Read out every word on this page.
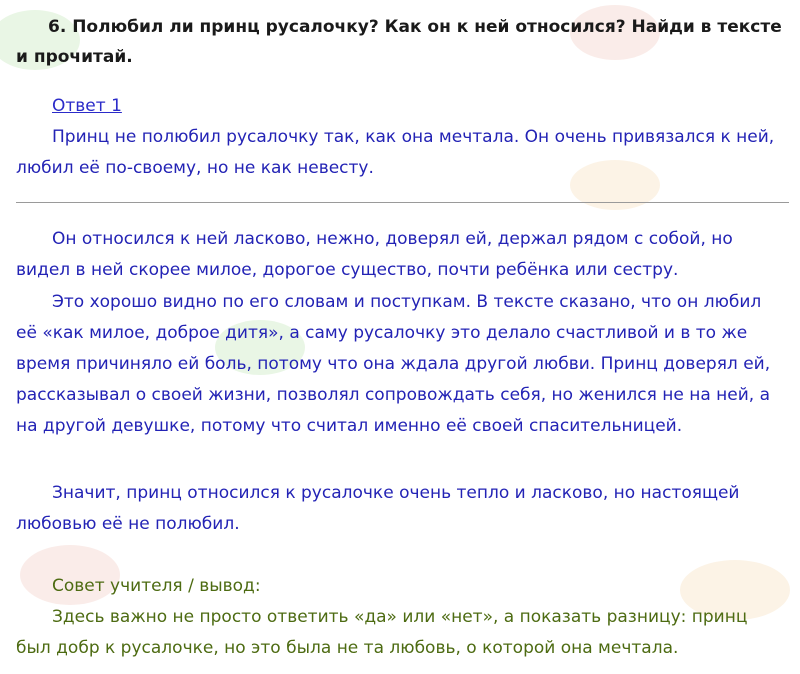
6. Полюбил ли принц русалочку? Как он к ней относился? Найди в тексте и прочитай.
Ответ 1

Принц не полюбил русалочку так, как она мечтала. Он очень привязался к ней, любил её по-своему, но не как невесту.

Он относился к ней ласково, нежно, доверял ей, держал рядом с собой, но видел в ней скорее милое, дорогое существо, почти ребёнка или сестру.

Это хорошо видно по его словам и поступкам. В тексте сказано, что он любил её «как милое, доброе дитя», а саму русалочку это делало счастливой и в то же время причиняло ей боль, потому что она ждала другой любви. Принц доверял ей, рассказывал о своей жизни, позволял сопровождать себя, но женился не на ней, а на другой девушке, потому что считал именно её своей спасительницей.

Значит, принц относился к русалочке очень тепло и ласково, но настоящей любовью её не полюбил.

Совет учителя / вывод:

Здесь важно не просто ответить «да» или «нет», а показать разницу: принц был добр к русалочке, но это была не та любовь, о которой она мечтала.
